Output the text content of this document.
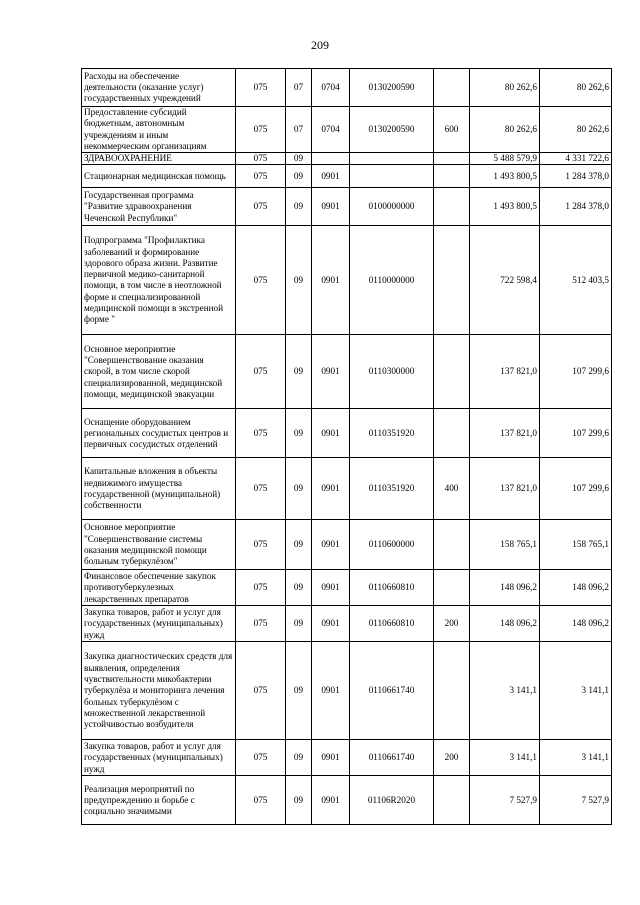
209
Расходы на обеспечение деятельности (оказание услуг) государственных учреждений	075	07	0704	0130200590		80 262,6	80 262,6
Предоставление субсидий бюджетным, автономным учреждениям и иным некоммерческим организациям	075	07	0704	0130200590	600	80 262,6	80 262,6
ЗДРАВООХРАНЕНИЕ	075	09				5 488 579,9	4 331 722,6
Стационарная медицинская помощь	075	09	0901			1 493 800,5	1 284 378,0
Государственная программа "Развитие здравоохранения Чеченской Республики"	075	09	0901	0100000000		1 493 800,5	1 284 378,0
Подпрограмма "Профилактика заболеваний и формирование здорового образа жизни. Развитие первичной медико-санитарной помощи, в том числе в неотложной форме и специализированной медицинской помощи в экстренной форме "	075	09	0901	0110000000		722 598,4	512 403,5
Основное мероприятие "Совершенствование оказания скорой, в том числе скорой специализированной, медицинской помощи, медицинской эвакуации	075	09	0901	0110300000		137 821,0	107 299,6
Оснащение оборудованием региональных сосудистых центров и первичных сосудистых отделений	075	09	0901	0110351920		137 821,0	107 299,6
Капитальные вложения в объекты недвижимого имущества государственной (муниципальной) собственности	075	09	0901	0110351920	400	137 821,0	107 299,6
Основное мероприятие "Совершенствование системы оказания медицинской помощи больным туберкулёзом"	075	09	0901	0110600000		158 765,1	158 765,1
Финансовое обеспечение закупок противотуберкулезных лекарственных препаратов	075	09	0901	0110660810		148 096,2	148 096,2
Закупка товаров, работ и услуг для государственных (муниципальных) нужд	075	09	0901	0110660810	200	148 096,2	148 096,2
Закупка диагностических средств для выявления, определения чувствительности микобактерии туберкулёза и мониторинга лечения больных туберкулёзом с множественной лекарственной устойчивостью возбудителя	075	09	0901	0110661740		3 141,1	3 141,1
Закупка товаров, работ и услуг для государственных (муниципальных) нужд	075	09	0901	0110661740	200	3 141,1	3 141,1
Реализация мероприятий по предупреждению и борьбе с социально значимыми	075	09	0901	01106R2020		7 527,9	7 527,9
